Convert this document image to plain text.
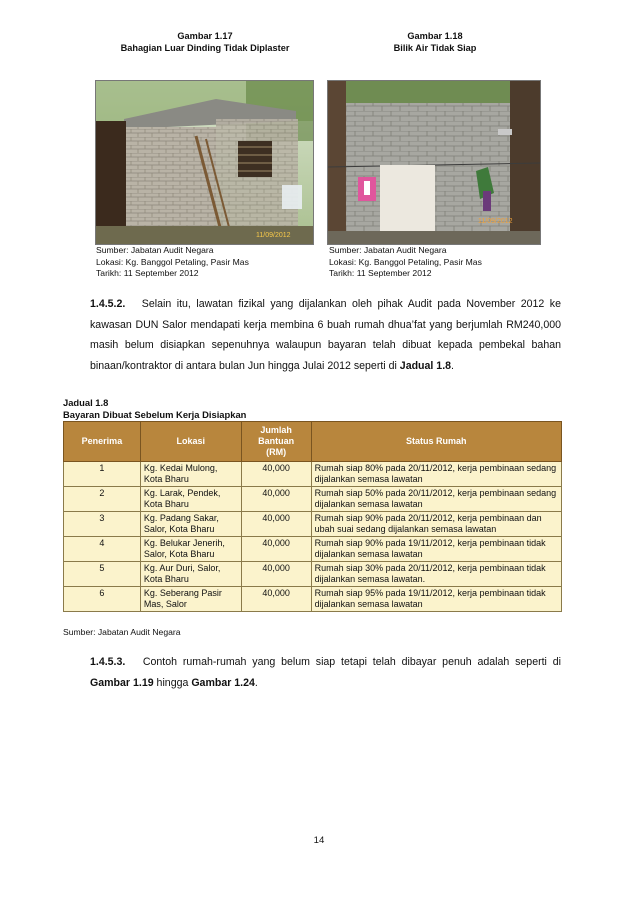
Gambar 1.17
Bahagian Luar Dinding Tidak Diplaster
Gambar 1.18
Bilik Air Tidak Siap
11/09/2012
11/09/2012
Sumber: Jabatan Audit Negara
Lokasi: Kg. Banggol Petaling, Pasir Mas
Tarikh: 11 September 2012
Sumber: Jabatan Audit Negara
Lokasi: Kg. Banggol Petaling, Pasir Mas
Tarikh: 11 September 2012
1.4.5.2. Selain itu, lawatan fizikal yang dijalankan oleh pihak Audit pada November 2012 ke kawasan DUN Salor mendapati kerja membina 6 buah rumah dhua’fat yang berjumlah RM240,000 masih belum disiapkan sepenuhnya walaupun bayaran telah dibuat kepada pembekal bahan binaan/kontraktor di antara bulan Jun hingga Julai 2012 seperti di Jadual 1.8.
Jadual 1.8
Bayaran Dibuat Sebelum Kerja Disiapkan
Penerima	Lokasi	Jumlah Bantuan (RM)	Status Rumah
1	Kg. Kedai Mulong, Kota Bharu	40,000	Rumah siap 80% pada 20/11/2012, kerja pembinaan sedang dijalankan semasa lawatan
2	Kg. Larak, Pendek, Kota Bharu	40,000	Rumah siap 50% pada 20/11/2012, kerja pembinaan sedang dijalankan semasa lawatan
3	Kg. Padang Sakar, Salor, Kota Bharu	40,000	Rumah siap 90% pada 20/11/2012, kerja pembinaan dan ubah suai sedang dijalankan semasa lawatan
4	Kg. Belukar Jenerih, Salor, Kota Bharu	40,000	Rumah siap 90% pada 19/11/2012, kerja pembinaan tidak dijalankan semasa lawatan
5	Kg. Aur Duri, Salor, Kota Bharu	40,000	Rumah siap 30% pada 20/11/2012, kerja pembinaan tidak dijalankan semasa lawatan.
6	Kg. Seberang Pasir Mas, Salor	40,000	Rumah siap 95% pada 19/11/2012, kerja pembinaan tidak dijalankan semasa lawatan
Sumber: Jabatan Audit Negara
1.4.5.3. Contoh rumah-rumah yang belum siap tetapi telah dibayar penuh adalah seperti di Gambar 1.19 hingga Gambar 1.24.
14
